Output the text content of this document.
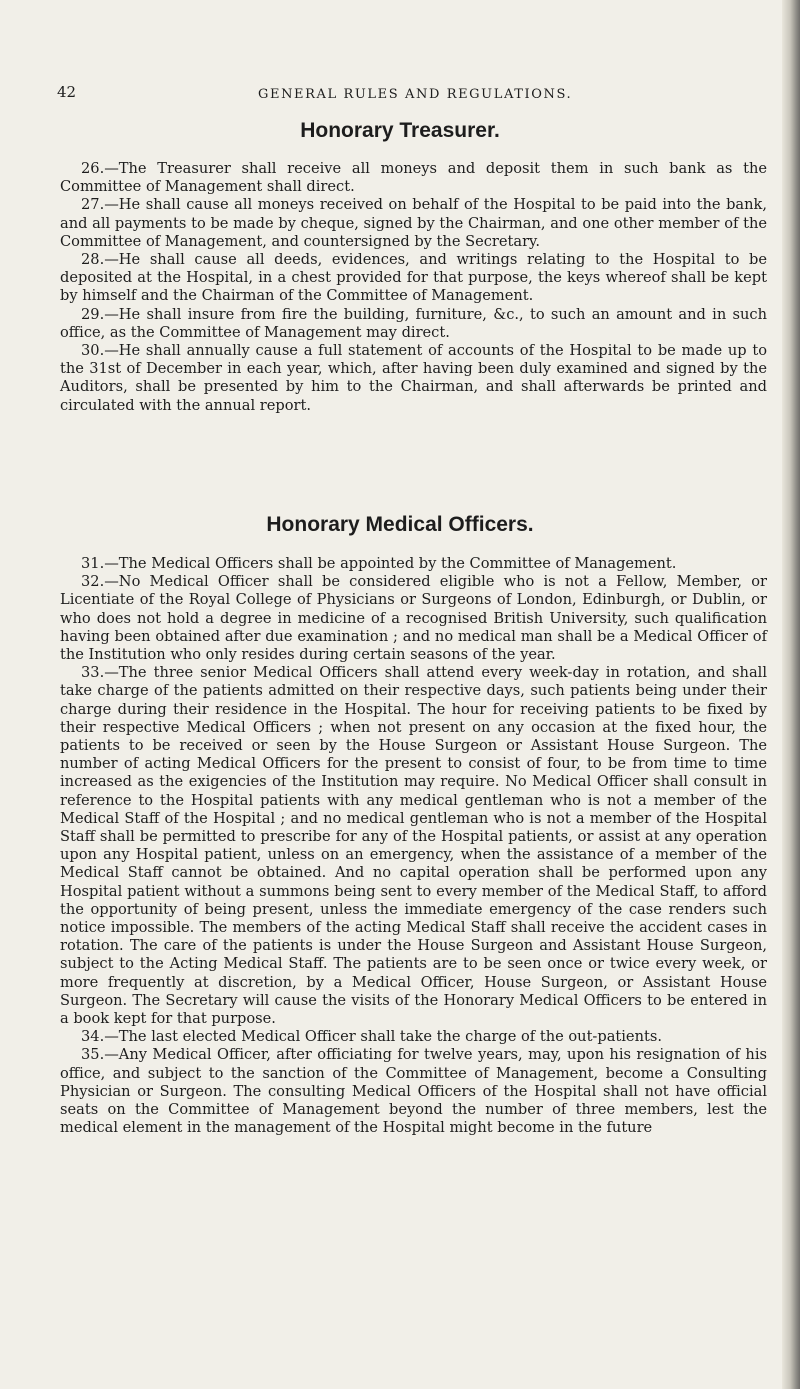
42	GENERAL RULES AND REGULATIONS.
Honorary Treasurer.

26.—The Treasurer shall receive all moneys and deposit them in such bank as the Committee of Management shall direct.

27.—He shall cause all moneys received on behalf of the Hospital to be paid into the bank, and all payments to be made by cheque, signed by the Chairman, and one other member of the Committee of Management, and countersigned by the Secretary.

28.—He shall cause all deeds, evidences, and writings relating to the Hospital to be deposited at the Hospital, in a chest provided for that purpose, the keys whereof shall be kept by himself and the Chairman of the Committee of Management.

29.—He shall insure from fire the building, furniture, &c., to such an amount and in such office, as the Committee of Management may direct.

30.—He shall annually cause a full statement of accounts of the Hospital to be made up to the 31st of December in each year, which, after having been duly examined and signed by the Auditors, shall be presented by him to the Chairman, and shall afterwards be printed and circulated with the annual report.

Honorary Medical Officers.

31.—The Medical Officers shall be appointed by the Committee of Management.

32.—No Medical Officer shall be considered eligible who is not a Fellow, Member, or Licentiate of the Royal College of Physicians or Surgeons of London, Edinburgh, or Dublin, or who does not hold a degree in medicine of a recognised British University, such qualification having been obtained after due examination ; and no medical man shall be a Medical Officer of the Institution who only resides during certain seasons of the year.

33.—The three senior Medical Officers shall attend every week-day in rotation, and shall take charge of the patients admitted on their respective days, such patients being under their charge during their residence in the Hospital. The hour for receiving patients to be fixed by their respective Medical Officers ; when not present on any occasion at the fixed hour, the patients to be received or seen by the House Surgeon or Assistant House Surgeon. The number of acting Medical Officers for the present to consist of four, to be from time to time increased as the exigencies of the Institution may require. No Medical Officer shall consult in reference to the Hospital patients with any medical gentleman who is not a member of the Medical Staff of the Hospital ; and no medical gentleman who is not a member of the Hospital Staff shall be permitted to prescribe for any of the Hospital patients, or assist at any operation upon any Hospital patient, unless on an emergency, when the assistance of a member of the Medical Staff cannot be obtained. And no capital operation shall be performed upon any Hospital patient without a summons being sent to every member of the Medical Staff, to afford the opportunity of being present, unless the immediate emergency of the case renders such notice impossible. The members of the acting Medical Staff shall receive the accident cases in rotation. The care of the patients is under the House Surgeon and Assistant House Surgeon, subject to the Acting Medical Staff. The patients are to be seen once or twice every week, or more frequently at discretion, by a Medical Officer, House Surgeon, or Assistant House Surgeon. The Secretary will cause the visits of the Honorary Medical Officers to be entered in a book kept for that purpose.

34.—The last elected Medical Officer shall take the charge of the out-patients.

35.—Any Medical Officer, after officiating for twelve years, may, upon his resignation of his office, and subject to the sanction of the Committee of Management, become a Consulting Physician or Surgeon. The consulting Medical Officers of the Hospital shall not have official seats on the Committee of Management beyond the number of three members, lest the medical element in the management of the Hospital might become in the future
